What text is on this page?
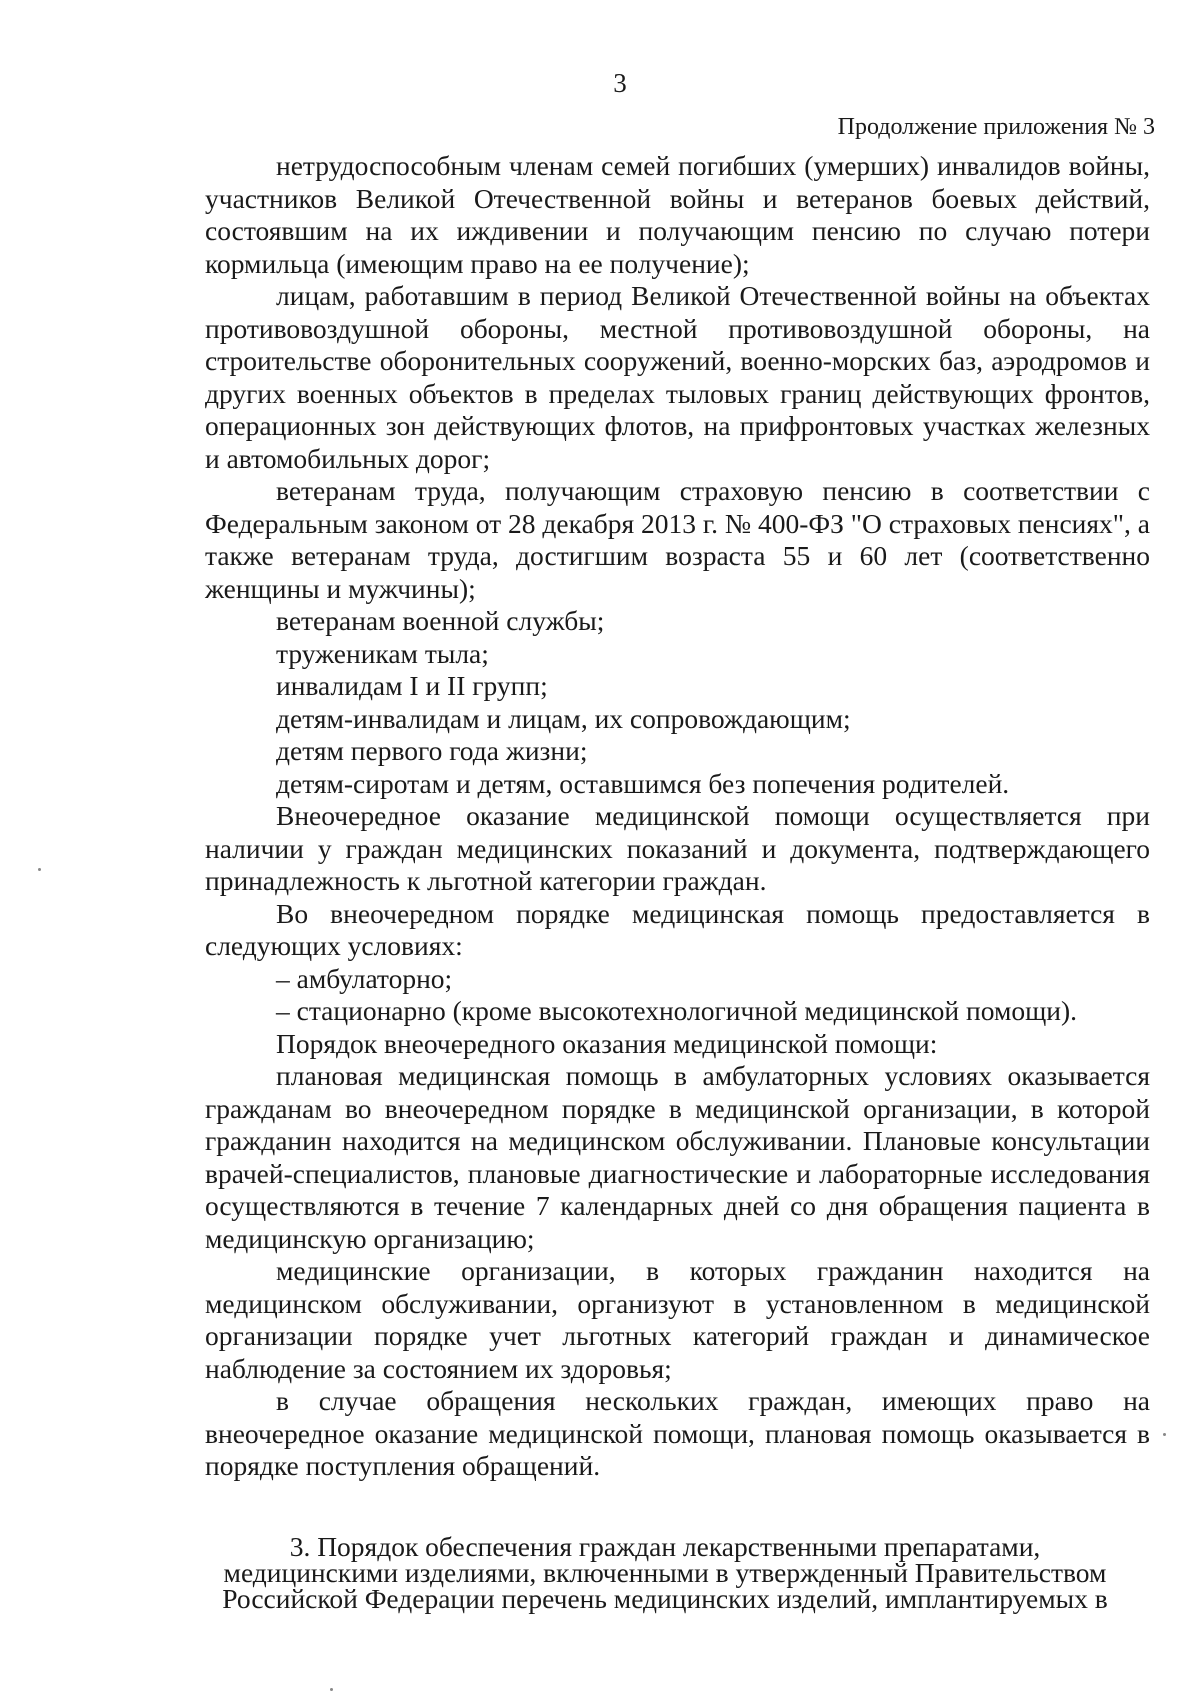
3
Продолжение приложения № 3

нетрудоспособным членам семей погибших (умерших) инвалидов войны, участников Великой Отечественной войны и ветеранов боевых действий, состоявшим на их иждивении и получающим пенсию по случаю потери кормильца (имеющим право на ее получение);

лицам, работавшим в период Великой Отечественной войны на объектах противовоздушной обороны, местной противовоздушной обороны, на строительстве оборонительных сооружений, военно-морских баз, аэродромов и других военных объектов в пределах тыловых границ действующих фронтов, операционных зон действующих флотов, на прифронтовых участках железных и автомобильных дорог;

ветеранам труда, получающим страховую пенсию в соответствии с Федеральным законом от 28 декабря 2013 г. № 400-ФЗ "О страховых пенсиях", а также ветеранам труда, достигшим возраста 55 и 60 лет (соответственно женщины и мужчины);

ветеранам военной службы;

труженикам тыла;

инвалидам I и II групп;

детям-инвалидам и лицам, их сопровождающим;

детям первого года жизни;

детям-сиротам и детям, оставшимся без попечения родителей.

Внеочередное оказание медицинской помощи осуществляется при наличии у граждан медицинских показаний и документа, подтверждающего принадлежность к льготной категории граждан.

Во внеочередном порядке медицинская помощь предоставляется в следующих условиях:

– амбулаторно;

– стационарно (кроме высокотехнологичной медицинской помощи).

Порядок внеочередного оказания медицинской помощи:

плановая медицинская помощь в амбулаторных условиях оказывается гражданам во внеочередном порядке в медицинской организации, в которой гражданин находится на медицинском обслуживании. Плановые консультации врачей-специалистов, плановые диагностические и лабораторные исследования осуществляются в течение 7 календарных дней со дня обращения пациента в медицинскую организацию;

медицинские организации, в которых гражданин находится на медицинском обслуживании, организуют в установленном в медицинской организации порядке учет льготных категорий граждан и динамическое наблюдение за состоянием их здоровья;

в случае обращения нескольких граждан, имеющих право на внеочередное оказание медицинской помощи, плановая помощь оказывается в порядке поступления обращений.

3. Порядок обеспечения граждан лекарственными препаратами,
медицинскими изделиями, включенными в утвержденный Правительством
Российской Федерации перечень медицинских изделий, имплантируемых в
